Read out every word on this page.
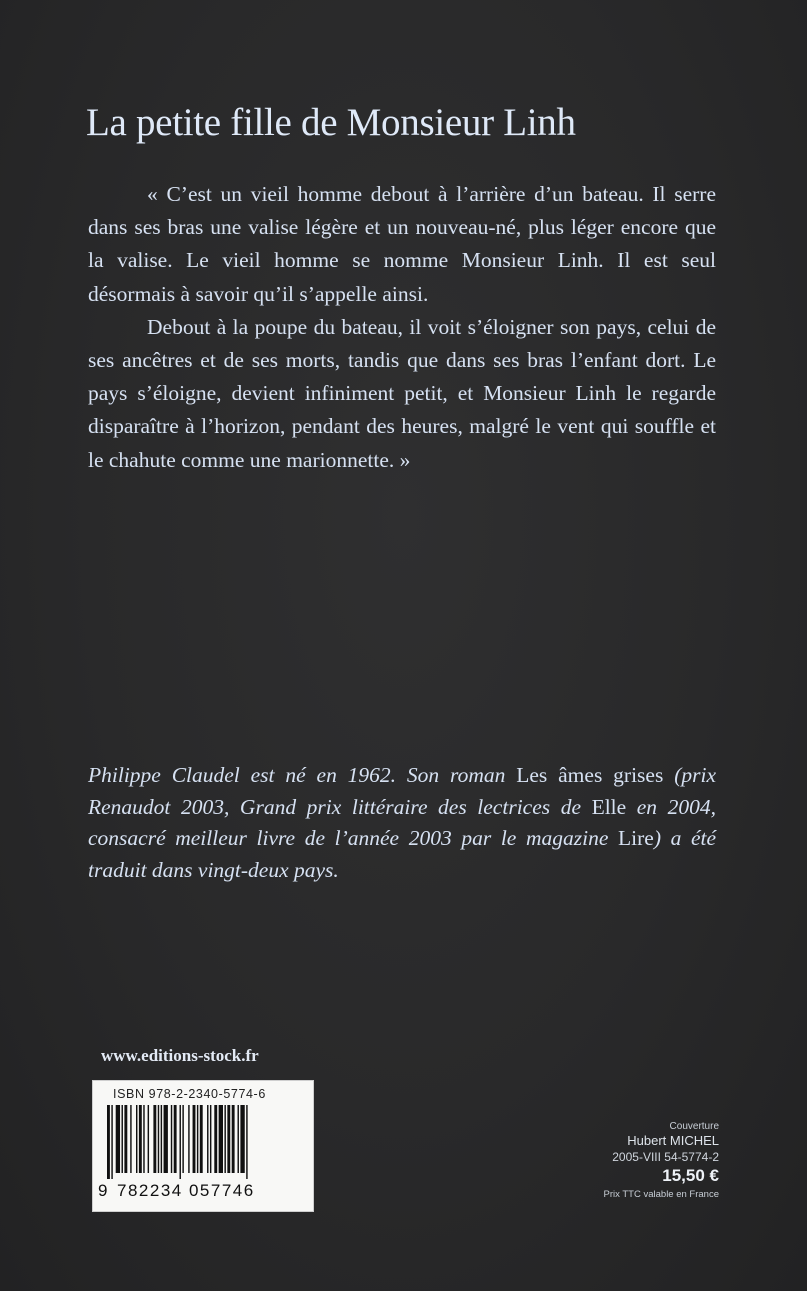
La petite fille de Monsieur Linh

« C’est un vieil homme debout à l’arrière d’un bateau. Il serre dans ses bras une valise légère et un nouveau-né, plus léger encore que la valise. Le vieil homme se nomme Monsieur Linh. Il est seul désormais à savoir qu’il s’appelle ainsi.

Debout à la poupe du bateau, il voit s’éloigner son pays, celui de ses ancêtres et de ses morts, tandis que dans ses bras l’enfant dort. Le pays s’éloigne, devient infiniment petit, et Monsieur Linh le regarde disparaître à l’horizon, pendant des heures, malgré le vent qui souffle et le chahute comme une marionnette. »

Philippe Claudel est né en 1962. Son roman Les âmes grises (prix Renaudot 2003, Grand prix littéraire des lectrices de Elle en 2004, consacré meilleur livre de l’année 2003 par le magazine Lire) a été traduit dans vingt-deux pays.

www.editions-stock.fr
ISBN 978-2-2340-5774-6
9 782234 057746
Couverture
Hubert MICHEL
2005-VIII 54-5774-2
15,50 €
Prix TTC valable en France
